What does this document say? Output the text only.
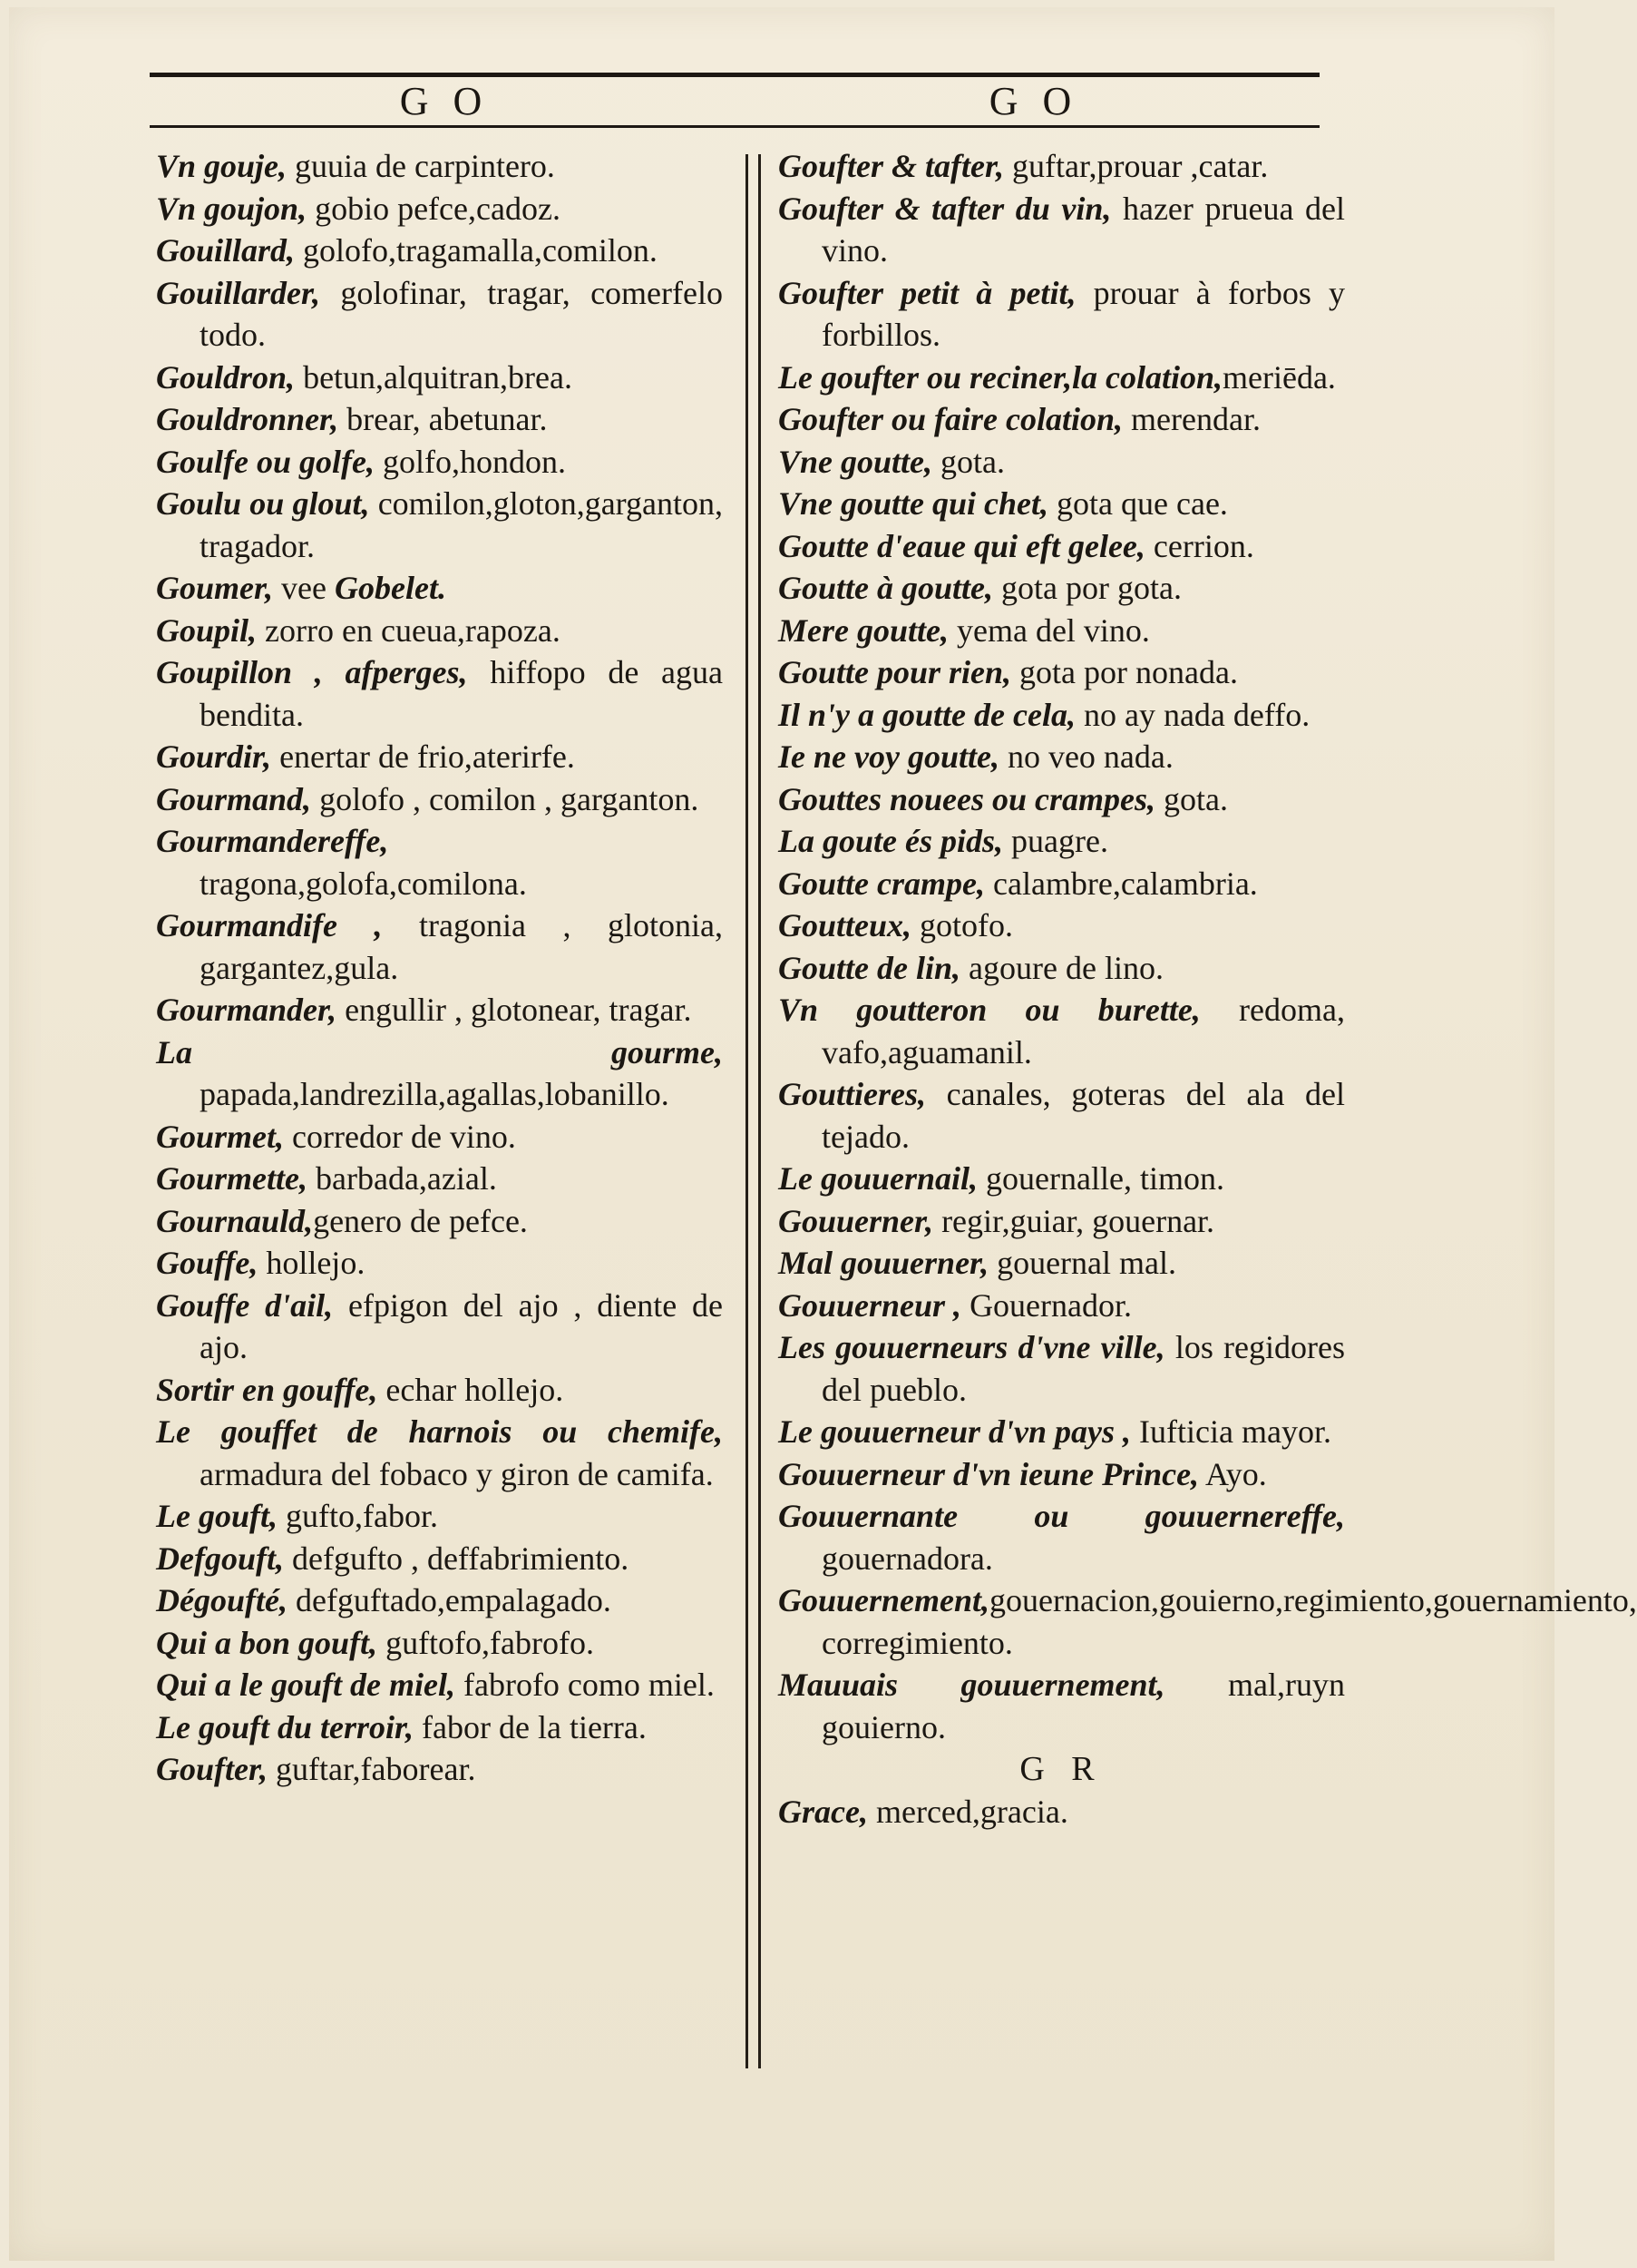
G O	G O

Vn gouje, guuia de carpintero.

Vn goujon, gobio pefce,cadoz.

Gouillard, golofo,tragamalla,comilon.

Gouillarder, golofinar, tragar, comerfelo todo.

Gouldron, betun,alquitran,brea.

Gouldronner, brear, abetunar.

Goulfe ou golfe, golfo,hondon.

Goulu ou glout, comilon,gloton,garganton, tragador.

Goumer, vee Gobelet.

Goupil, zorro en cueua,rapoza.

Goupillon , afperges, hiffopo de agua bendita.

Gourdir, enertar de frio,aterirfe.

Gourmand, golofo , comilon , garganton.

Gourmandereffe, tragona,golofa,comilona.

Gourmandife , tragonia , glotonia, gargantez,gula.

Gourmander, engullir , glotonear, tragar.

La gourme, papada,landrezilla,agallas,lobanillo.

Gourmet, corredor de vino.

Gourmette, barbada,azial.

Gournauld,genero de pefce.

Gouffe, hollejo.

Gouffe d'ail, efpigon del ajo , diente de ajo.

Sortir en gouffe, echar hollejo.

Le gouffet de harnois ou chemife, armadura del fobaco y giron de camifa.

Le gouft, gufto,fabor.

Defgouft, defgufto , deffabrimiento.

Dégoufté, defguftado,empalagado.

Qui a bon gouft, guftofo,fabrofo.

Qui a le gouft de miel, fabrofo como miel.

Le gouft du terroir, fabor de la tierra.

Goufter, guftar,faborear.

Goufter & tafter, guftar,prouar ,catar.

Goufter & tafter du vin, hazer prueua del vino.

Goufter petit à petit, prouar à forbos y forbillos.

Le goufter ou reciner,la colation,meriēda.

Goufter ou faire colation, merendar.

Vne goutte, gota.

Vne goutte qui chet, gota que cae.

Goutte d'eaue qui eft gelee, cerrion.

Goutte à goutte, gota por gota.

Mere goutte, yema del vino.

Goutte pour rien, gota por nonada.

Il n'y a goutte de cela, no ay nada deffo.

Ie ne voy goutte, no veo nada.

Gouttes nouees ou crampes, gota.

La goute és pids, puagre.

Goutte crampe, calambre,calambria.

Goutteux, gotofo.

Goutte de lin, agoure de lino.

Vn goutteron ou burette, redoma, vafo,aguamanil.

Gouttieres, canales, goteras del ala del tejado.

Le gouuernail, gouernalle, timon.

Gouuerner, regir,guiar, gouernar.

Mal gouuerner, gouernal mal.

Gouuerneur , Gouernador.

Les gouuerneurs d'vne ville, los regidores del pueblo.

Le gouuerneur d'vn pays , Iufticia mayor.

Gouuerneur d'vn ieune Prince, Ayo.

Gouuernante ou gouuernereffe, gouernadora.

Gouuernement,gouernacion,gouierno,regimiento,gouernamiento, corregimiento.

Mauuais gouuernement, mal,ruyn gouierno.

G R

Grace, merced,gracia.
